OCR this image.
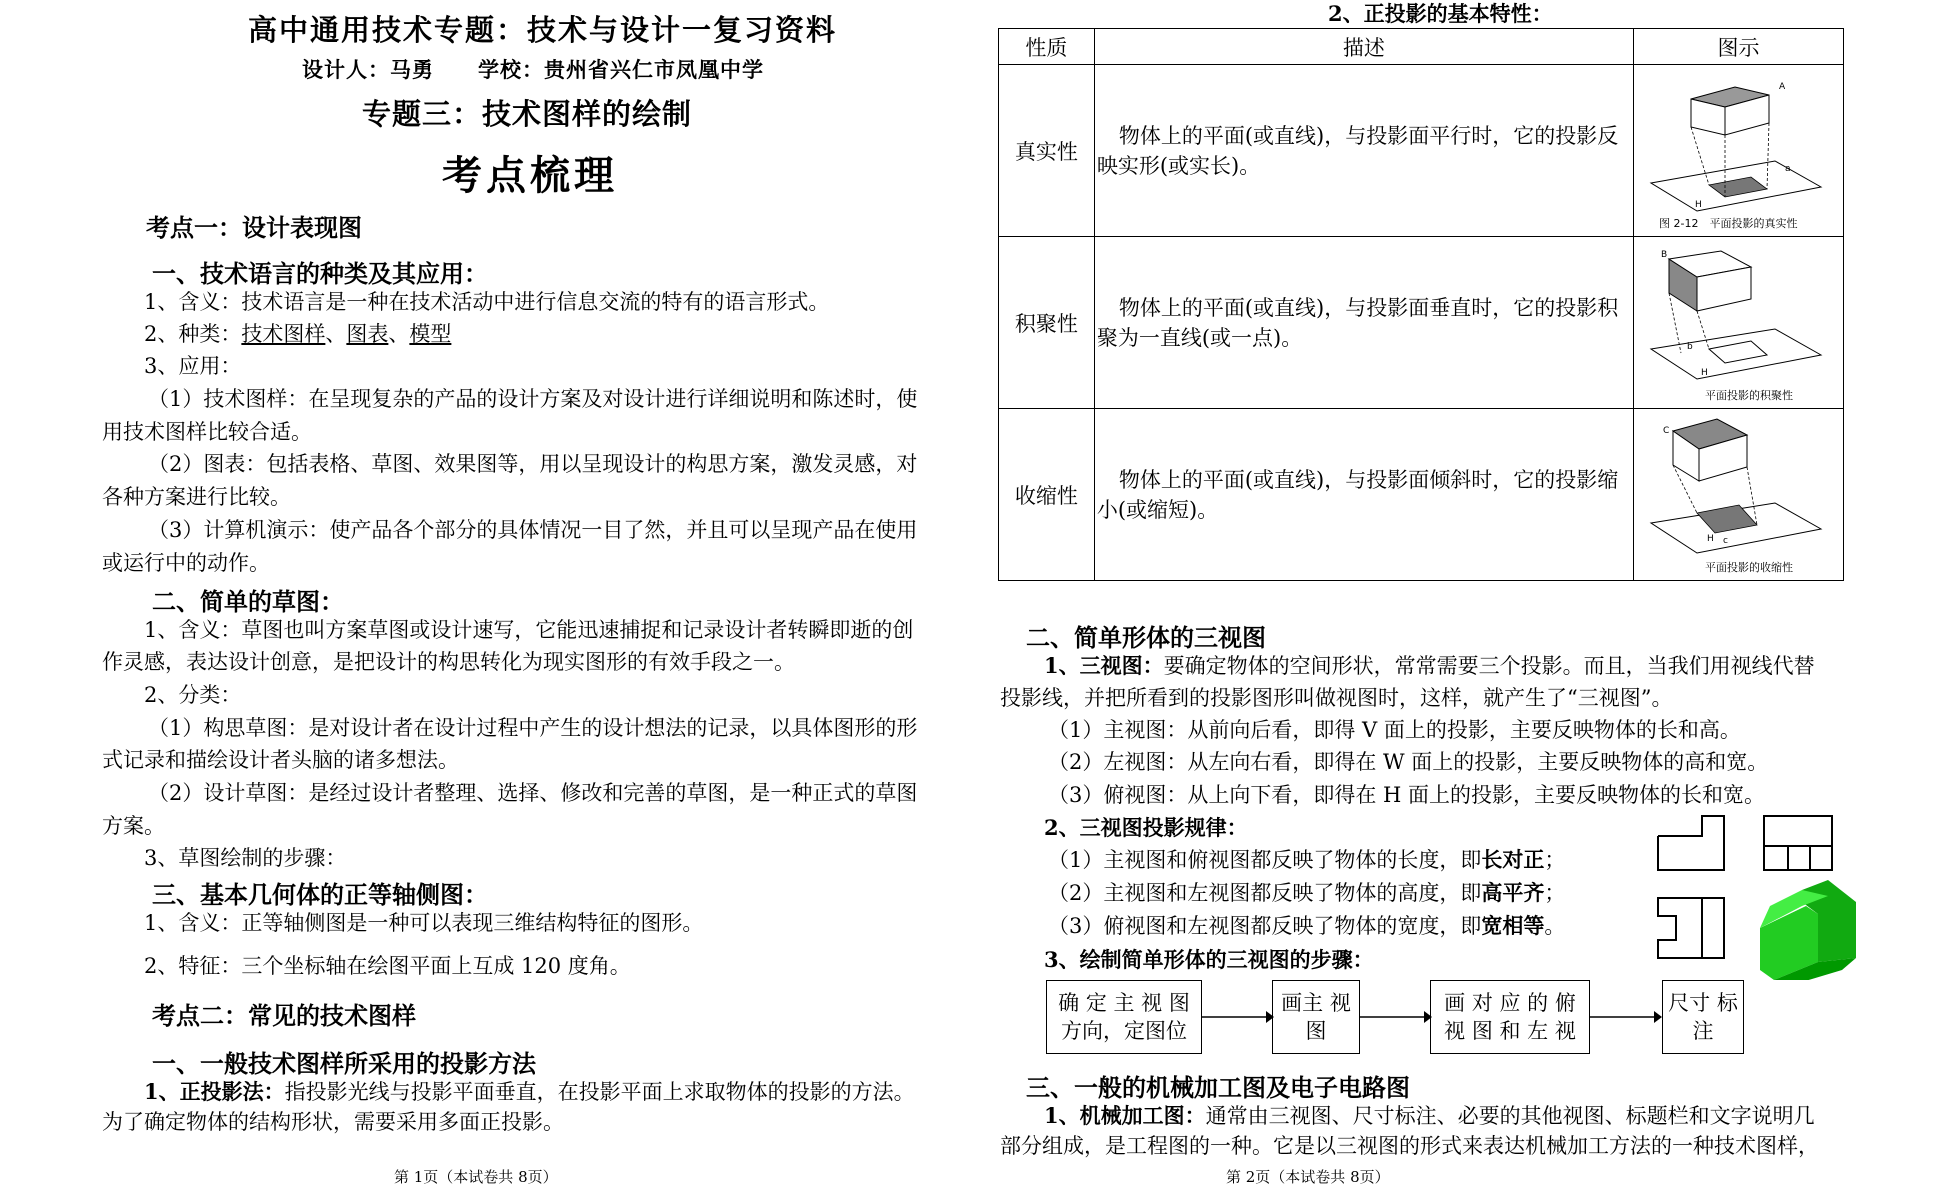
高中通用技术专题：技术与设计一复习资料
设计人：马勇　　学校：贵州省兴仁市凤凰中学
专题三：技术图样的绘制
考点梳理
考点一：设计表现图
一、技术语言的种类及其应用：
1、含义：技术语言是一种在技术活动中进行信息交流的特有的语言形式。
2、种类：技术图样、图表、模型
3、应用：
（1）技术图样：在呈现复杂的产品的设计方案及对设计进行详细说明和陈述时，使
用技术图样比较合适。
（2）图表：包括表格、草图、效果图等，用以呈现设计的构思方案，激发灵感，对
各种方案进行比较。
（3）计算机演示：使产品各个部分的具体情况一目了然，并且可以呈现产品在使用
或运行中的动作。
二、简单的草图：
1、含义：草图也叫方案草图或设计速写，它能迅速捕捉和记录设计者转瞬即逝的创
作灵感，表达设计创意，是把设计的构思转化为现实图形的有效手段之一。
2、分类：
（1）构思草图：是对设计者在设计过程中产生的设计想法的记录，以具体图形的形
式记录和描绘设计者头脑的诸多想法。
（2）设计草图：是经过设计者整理、选择、修改和完善的草图，是一种正式的草图
方案。
3、草图绘制的步骤：
三、基本几何体的正等轴侧图：
1、含义：正等轴侧图是一种可以表现三维结构特征的图形。
2、特征：三个坐标轴在绘图平面上互成 120 度角。
考点二：常见的技术图样
一、一般技术图样所采用的投影方法
1、正投影法：指投影光线与投影平面垂直，在投影平面上求取物体的投影的方法。
为了确定物体的结构形状，需要采用多面正投影。
第 1页（本试卷共 8页）
2、正投影的基本特性：
性质	描述	图示
真实性	物体上的平面(或直线)，与投影面平行时，它的投影反映实形(或实长)。	A
a
H
图 2-12　平面投影的真实性

积聚性	物体上的平面(或直线)，与投影面垂直时，它的投影积聚为一直线(或一点)。	B
b
H
平面投影的积聚性

收缩性	物体上的平面(或直线)，与投影面倾斜时，它的投影缩小(或缩短)。	C
c
H
平面投影的收缩性
二、简单形体的三视图
1、三视图：要确定物体的空间形状，常常需要三个投影。而且，当我们用视线代替
投影线，并把所看到的投影图形叫做视图时，这样，就产生了“三视图”。
（1）主视图：从前向后看，即得 V 面上的投影，主要反映物体的长和高。
（2）左视图：从左向右看，即得在 W 面上的投影，主要反映物体的高和宽。
（3）俯视图：从上向下看，即得在 H 面上的投影，主要反映物体的长和宽。
2、三视图投影规律：
（1）主视图和俯视图都反映了物体的长度，即长对正；
（2）主视图和左视图都反映了物体的高度，即高平齐；
（3）俯视图和左视图都反映了物体的宽度，即宽相等。
3、绘制简单形体的三视图的步骤：
确 定 主 视 图 方向，定图位
画主 视图
画 对 应 的 俯 视 图 和 左 视
尺寸 标注
三、一般的机械加工图及电子电路图
1、机械加工图：通常由三视图、尺寸标注、必要的其他视图、标题栏和文字说明几
部分组成，是工程图的一种。它是以三视图的形式来表达机械加工方法的一种技术图样，
第 2页（本试卷共 8页）
